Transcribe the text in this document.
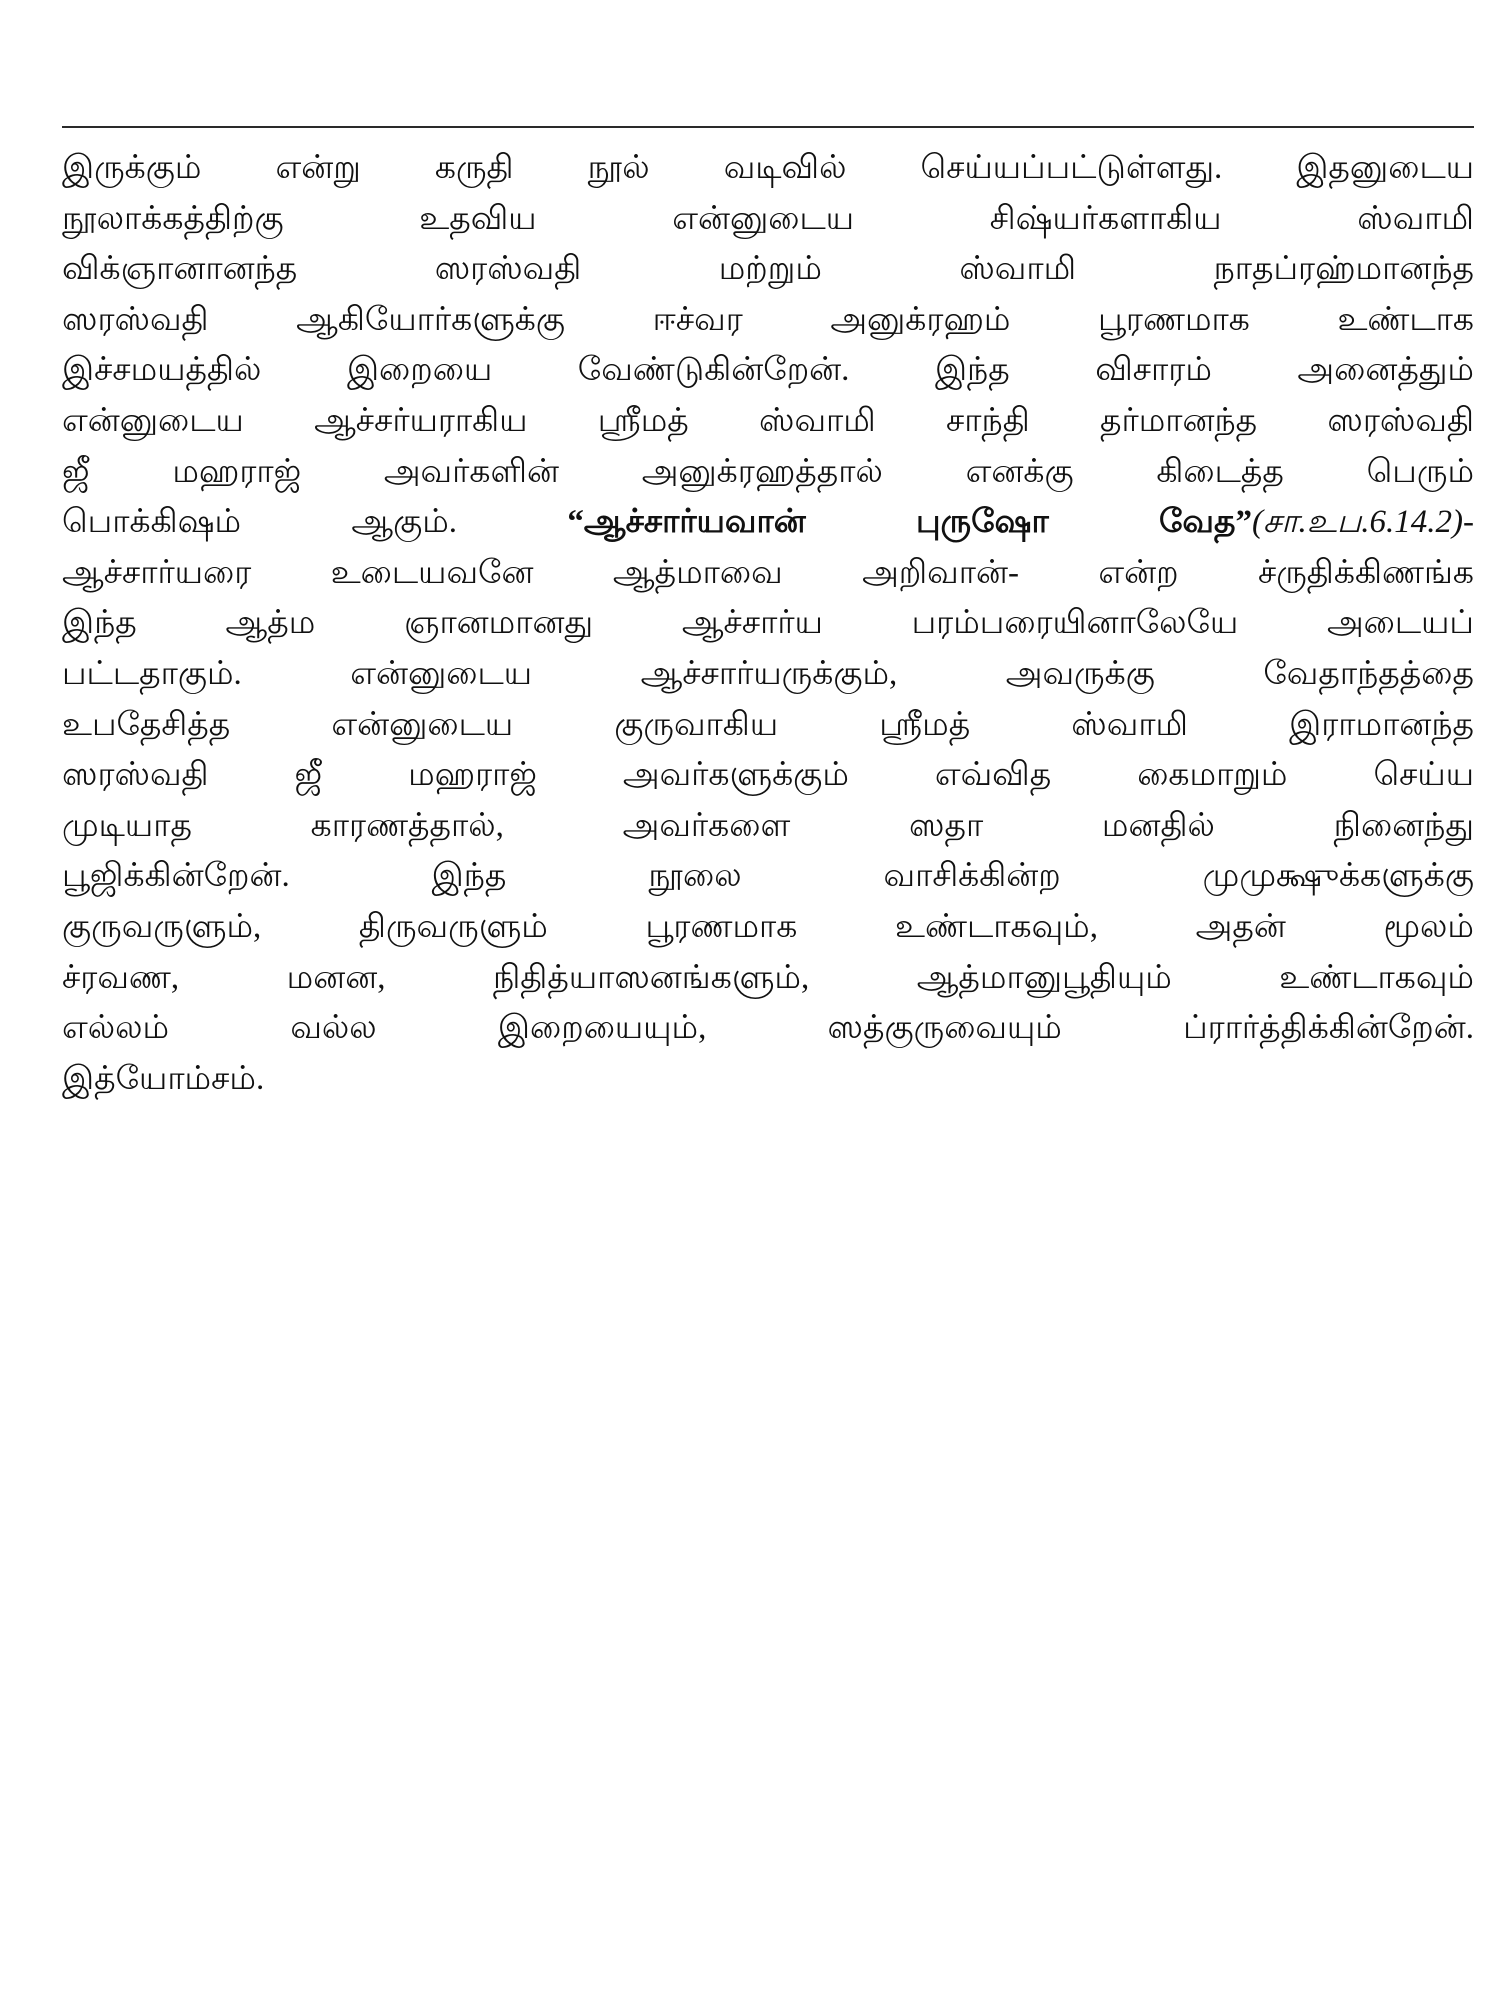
இருக்கும் என்று கருதி நூல் வடிவில் செய்யப்பட்டுள்ளது. இதனுடைய
நூலாக்கத்திற்கு உதவிய என்னுடைய சிஷ்யர்களாகிய ஸ்வாமி
விக்ஞானானந்த ஸரஸ்வதி மற்றும் ஸ்வாமி நாதப்ரஹ்மானந்த
ஸரஸ்வதி ஆகியோர்களுக்கு ஈச்வர அனுக்ரஹம் பூரணமாக உண்டாக
இச்சமயத்தில் இறையை வேண்டுகின்றேன். இந்த விசாரம் அனைத்தும்
என்னுடைய ஆச்சர்யராகிய ஸ்ரீமத் ஸ்வாமி சாந்தி தர்மானந்த ஸரஸ்வதி
ஜீ மஹராஜ் அவர்களின் அனுக்ரஹத்தால் எனக்கு கிடைத்த பெரும்
பொக்கிஷம் ஆகும்.	“ஆச்சார்யவான் புருஷோ வேத”(சா.உப.6.14.2)-
ஆச்சார்யரை உடையவனே ஆத்மாவை அறிவான்- என்ற ச்ருதிக்கிணங்க
இந்த ஆத்ம ஞானமானது ஆச்சார்ய பரம்பரையினாலேயே அடையப்
பட்டதாகும். என்னுடைய ஆச்சார்யருக்கும், அவருக்கு வேதாந்தத்தை
உபதேசித்த என்னுடைய குருவாகிய ஸ்ரீமத் ஸ்வாமி இராமானந்த
ஸரஸ்வதி ஜீ மஹராஜ் அவர்களுக்கும் எவ்வித கைமாறும் செய்ய
முடியாத காரணத்தால், அவர்களை ஸதா மனதில் நினைந்து
பூஜிக்கின்றேன். இந்த நூலை வாசிக்கின்ற முமுக்ஷுக்களுக்கு
குருவருளும், திருவருளும் பூரணமாக உண்டாகவும், அதன் மூலம்
ச்ரவண, மனன, நிதித்யாஸனங்களும், ஆத்மானுபூதியும் உண்டாகவும்
எல்லம் வல்ல இறையையும், ஸத்குருவையும் ப்ரார்த்திக்கின்றேன்.
இத்யோம்சம்.
